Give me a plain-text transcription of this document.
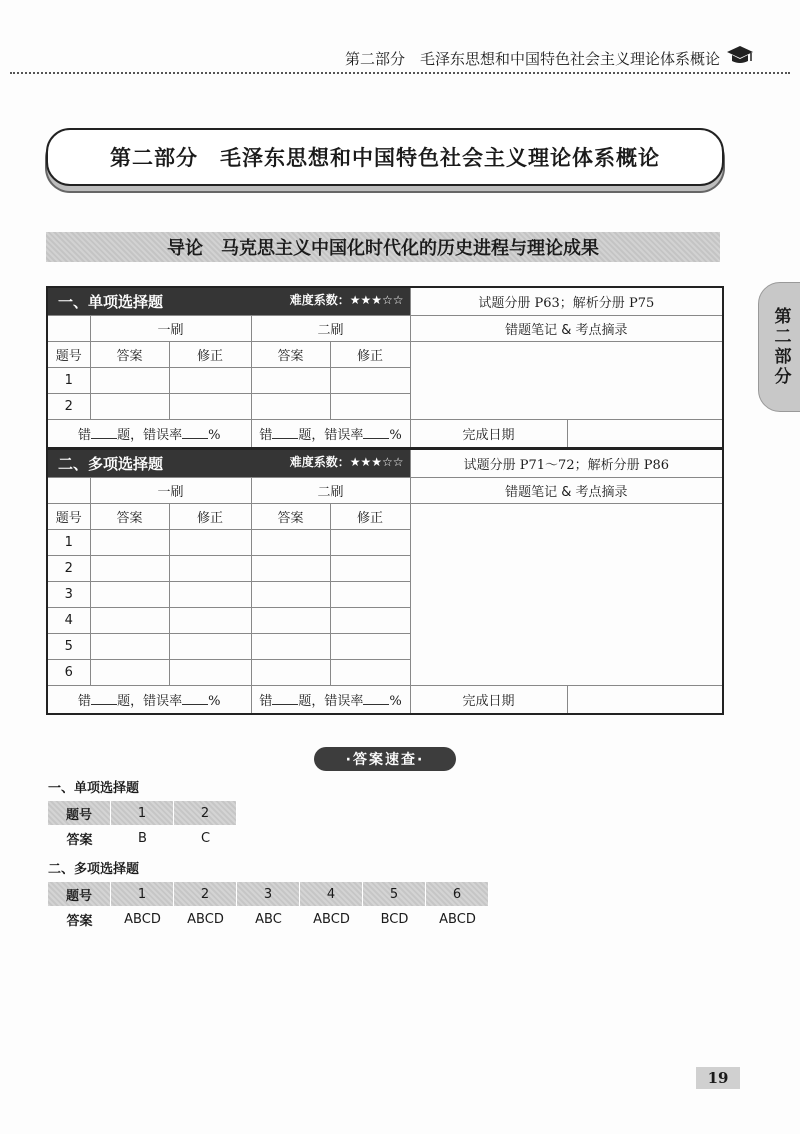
第二部分　毛泽东思想和中国特色社会主义理论体系概论
第二部分　毛泽东思想和中国特色社会主义理论体系概论
导论　马克思主义中国化时代化的历史进程与理论成果
第二部分
一、单项选择题 难度系数：★★★☆☆					试题分册 P63；解析分册 P75	
	一刷		二刷		错题笔记 & 考点摘录	
题号	答案	修正	答案	修正		
1						
2						
错 题，错误率 %			错 题，错误率 %		完成日期	
二、多项选择题 难度系数：★★★☆☆					试题分册 P71～72；解析分册 P86	
	一刷		二刷		错题笔记 & 考点摘录	
题号	答案	修正	答案	修正		
1						
2						
3						
4						
5						
6						
错 题，错误率 %			错 题，错误率 %		完成日期	
·答案速查·
一、单项选择题
题号	1	2
答案	B	C
二、多项选择题
题号	1	2	3	4	5	6
答案	ABCD	ABCD	ABC	ABCD	BCD	ABCD
19
